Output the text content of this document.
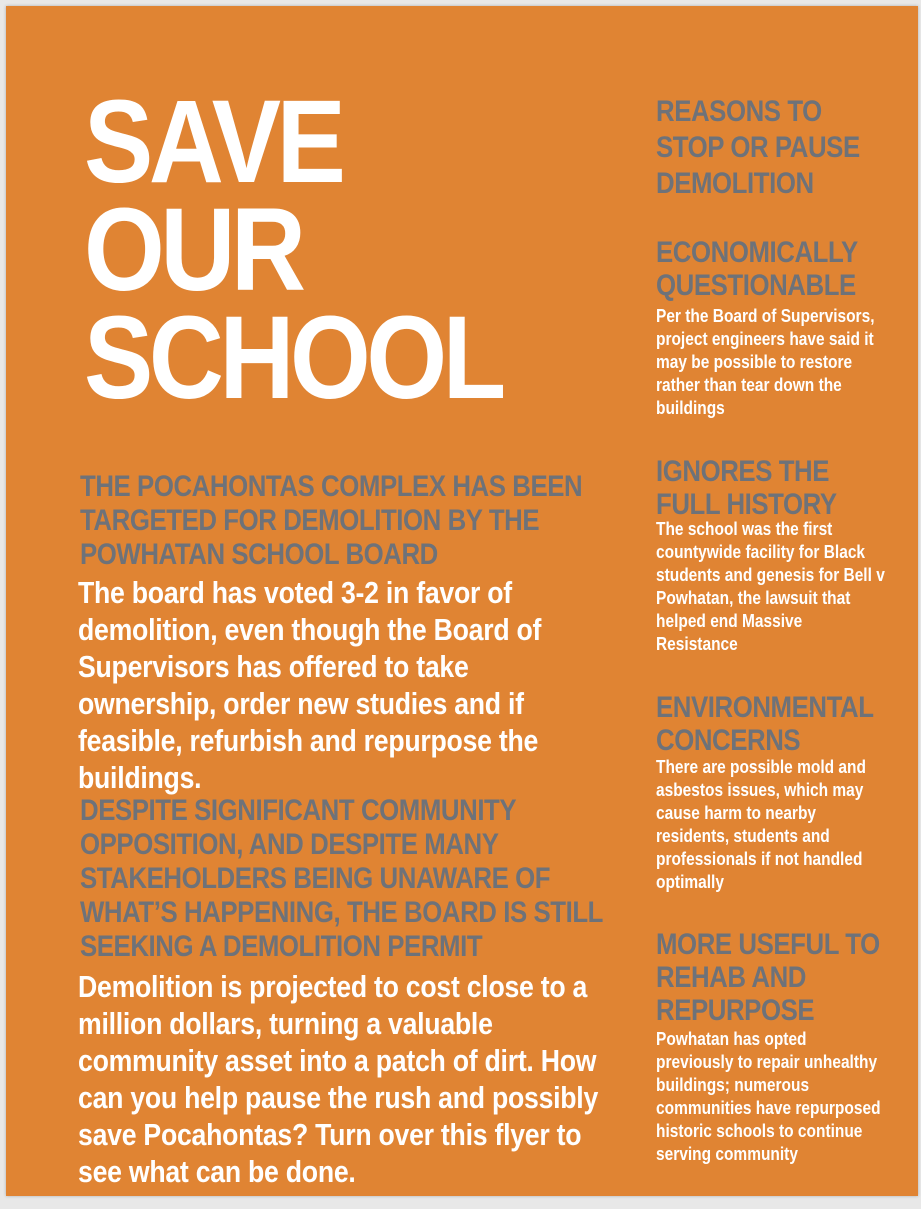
SAVE
OUR
SCHOOL
THE POCAHONTAS COMPLEX HAS BEEN TARGETED FOR DEMOLITION BY THE POWHATAN SCHOOL BOARD
The board has voted 3-2 in favor of demolition, even though the Board of Supervisors has offered to take ownership, order new studies and if feasible, refurbish and repurpose the buildings.
DESPITE SIGNIFICANT COMMUNITY OPPOSITION, AND DESPITE MANY STAKEHOLDERS BEING UNAWARE OF WHAT’S HAPPENING, THE BOARD IS STILL SEEKING A DEMOLITION PERMIT
Demolition is projected to cost close to a million dollars, turning a valuable community asset into a patch of dirt. How can you help pause the rush and possibly save Pocahontas? Turn over this flyer to see what can be done.
REASONS TO STOP OR PAUSE DEMOLITION
ECONOMICALLY QUESTIONABLE
Per the Board of Supervisors, project engineers have said it may be possible to restore rather than tear down the buildings
IGNORES THE FULL HISTORY
The school was the first countywide facility for Black students and genesis for Bell v Powhatan, the lawsuit that helped end Massive Resistance
ENVIRONMENTAL CONCERNS
There are possible mold and asbestos issues, which may cause harm to nearby residents, students and professionals if not handled optimally
MORE USEFUL TO REHAB AND REPURPOSE
Powhatan has opted previously to repair unhealthy buildings; numerous communities have repurposed historic schools to continue serving community
